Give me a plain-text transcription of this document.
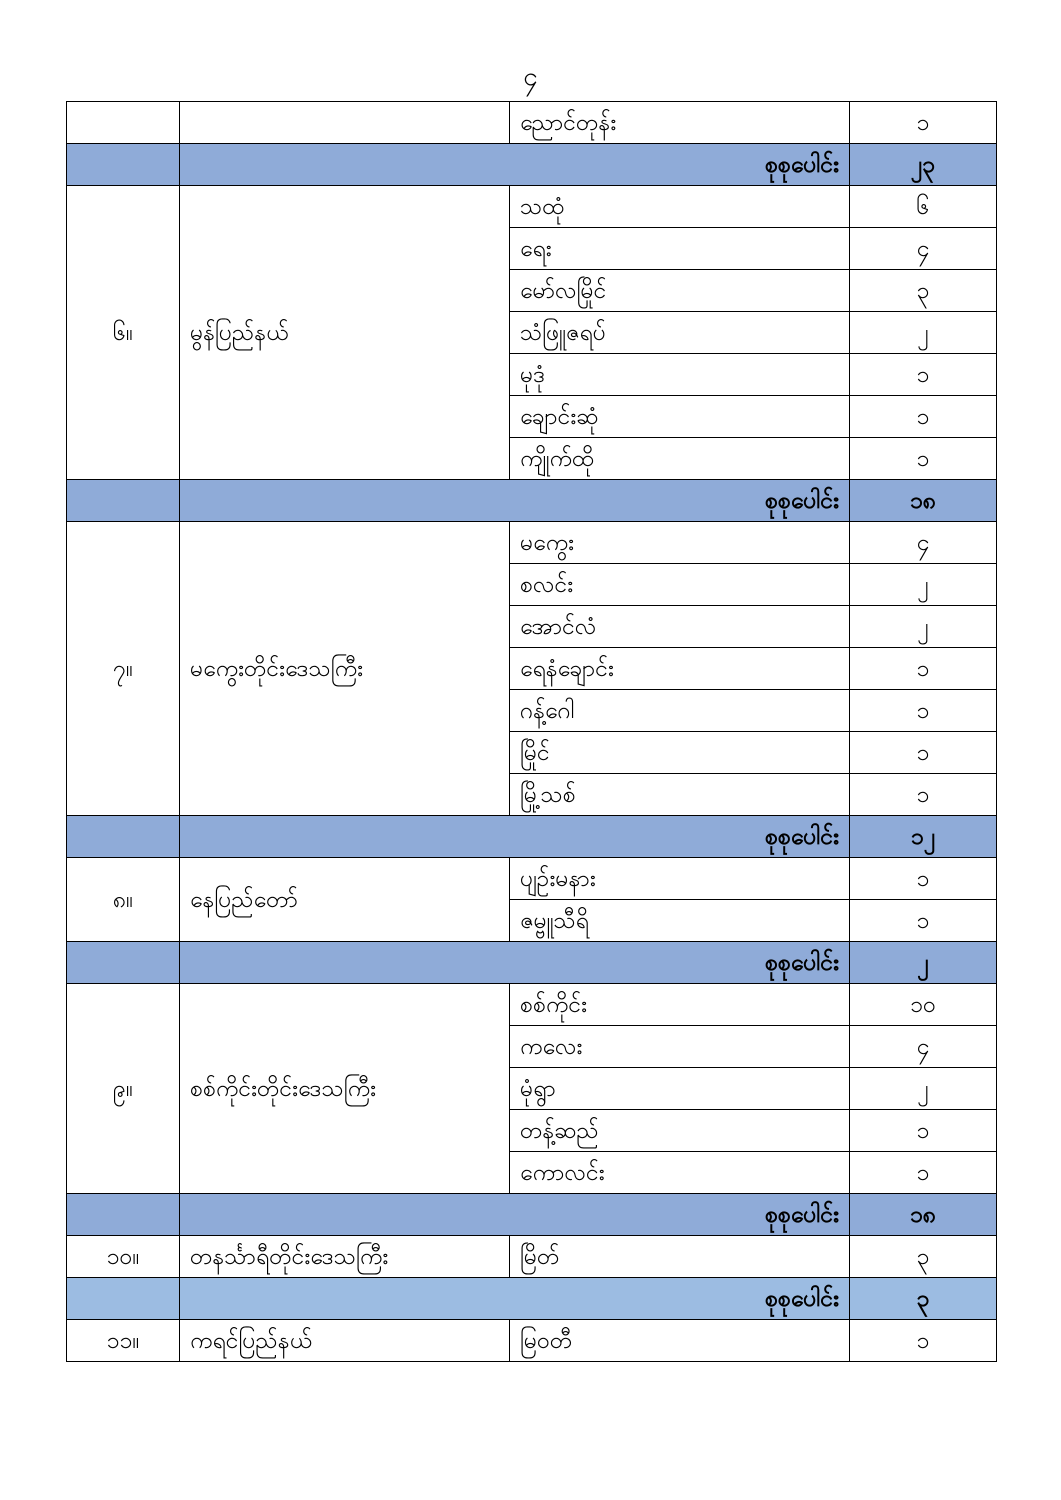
၄
		ညောင်တုန်း	၁
	စုစုပေါင်း		၂၃
၆။	မွန်ပြည်နယ်	သထုံ	၆
		ရေး	၄
		မော်လမြိုင်	၃
		သံဖြူဇရပ်	၂
		မုဒုံ	၁
		ချောင်းဆုံ	၁
		ကျိုက်ထို	၁
	စုစုပေါင်း		၁၈
၇။	မကွေးတိုင်းဒေသကြီး	မကွေး	၄
		စလင်း	၂
		အောင်လံ	၂
		ရေနံချောင်း	၁
		ဂန့်ဂေါ	၁
		မြိုင်	၁
		မြို့သစ်	၁
	စုစုပေါင်း		၁၂
၈။	နေပြည်တော်	ပျဉ်းမနား	၁
		ဇမ္ဗူသီရိ	၁
	စုစုပေါင်း		၂
၉။	စစ်ကိုင်းတိုင်းဒေသကြီး	စစ်ကိုင်း	၁၀
		ကလေး	၄
		မုံရွာ	၂
		တန့်ဆည်	၁
		ကောလင်း	၁
	စုစုပေါင်း		၁၈
၁၀။	တနင်္သာရီတိုင်းဒေသကြီး	မြိတ်	၃
	စုစုပေါင်း		၃
၁၁။	ကရင်ပြည်နယ်	မြဝတီ	၁
